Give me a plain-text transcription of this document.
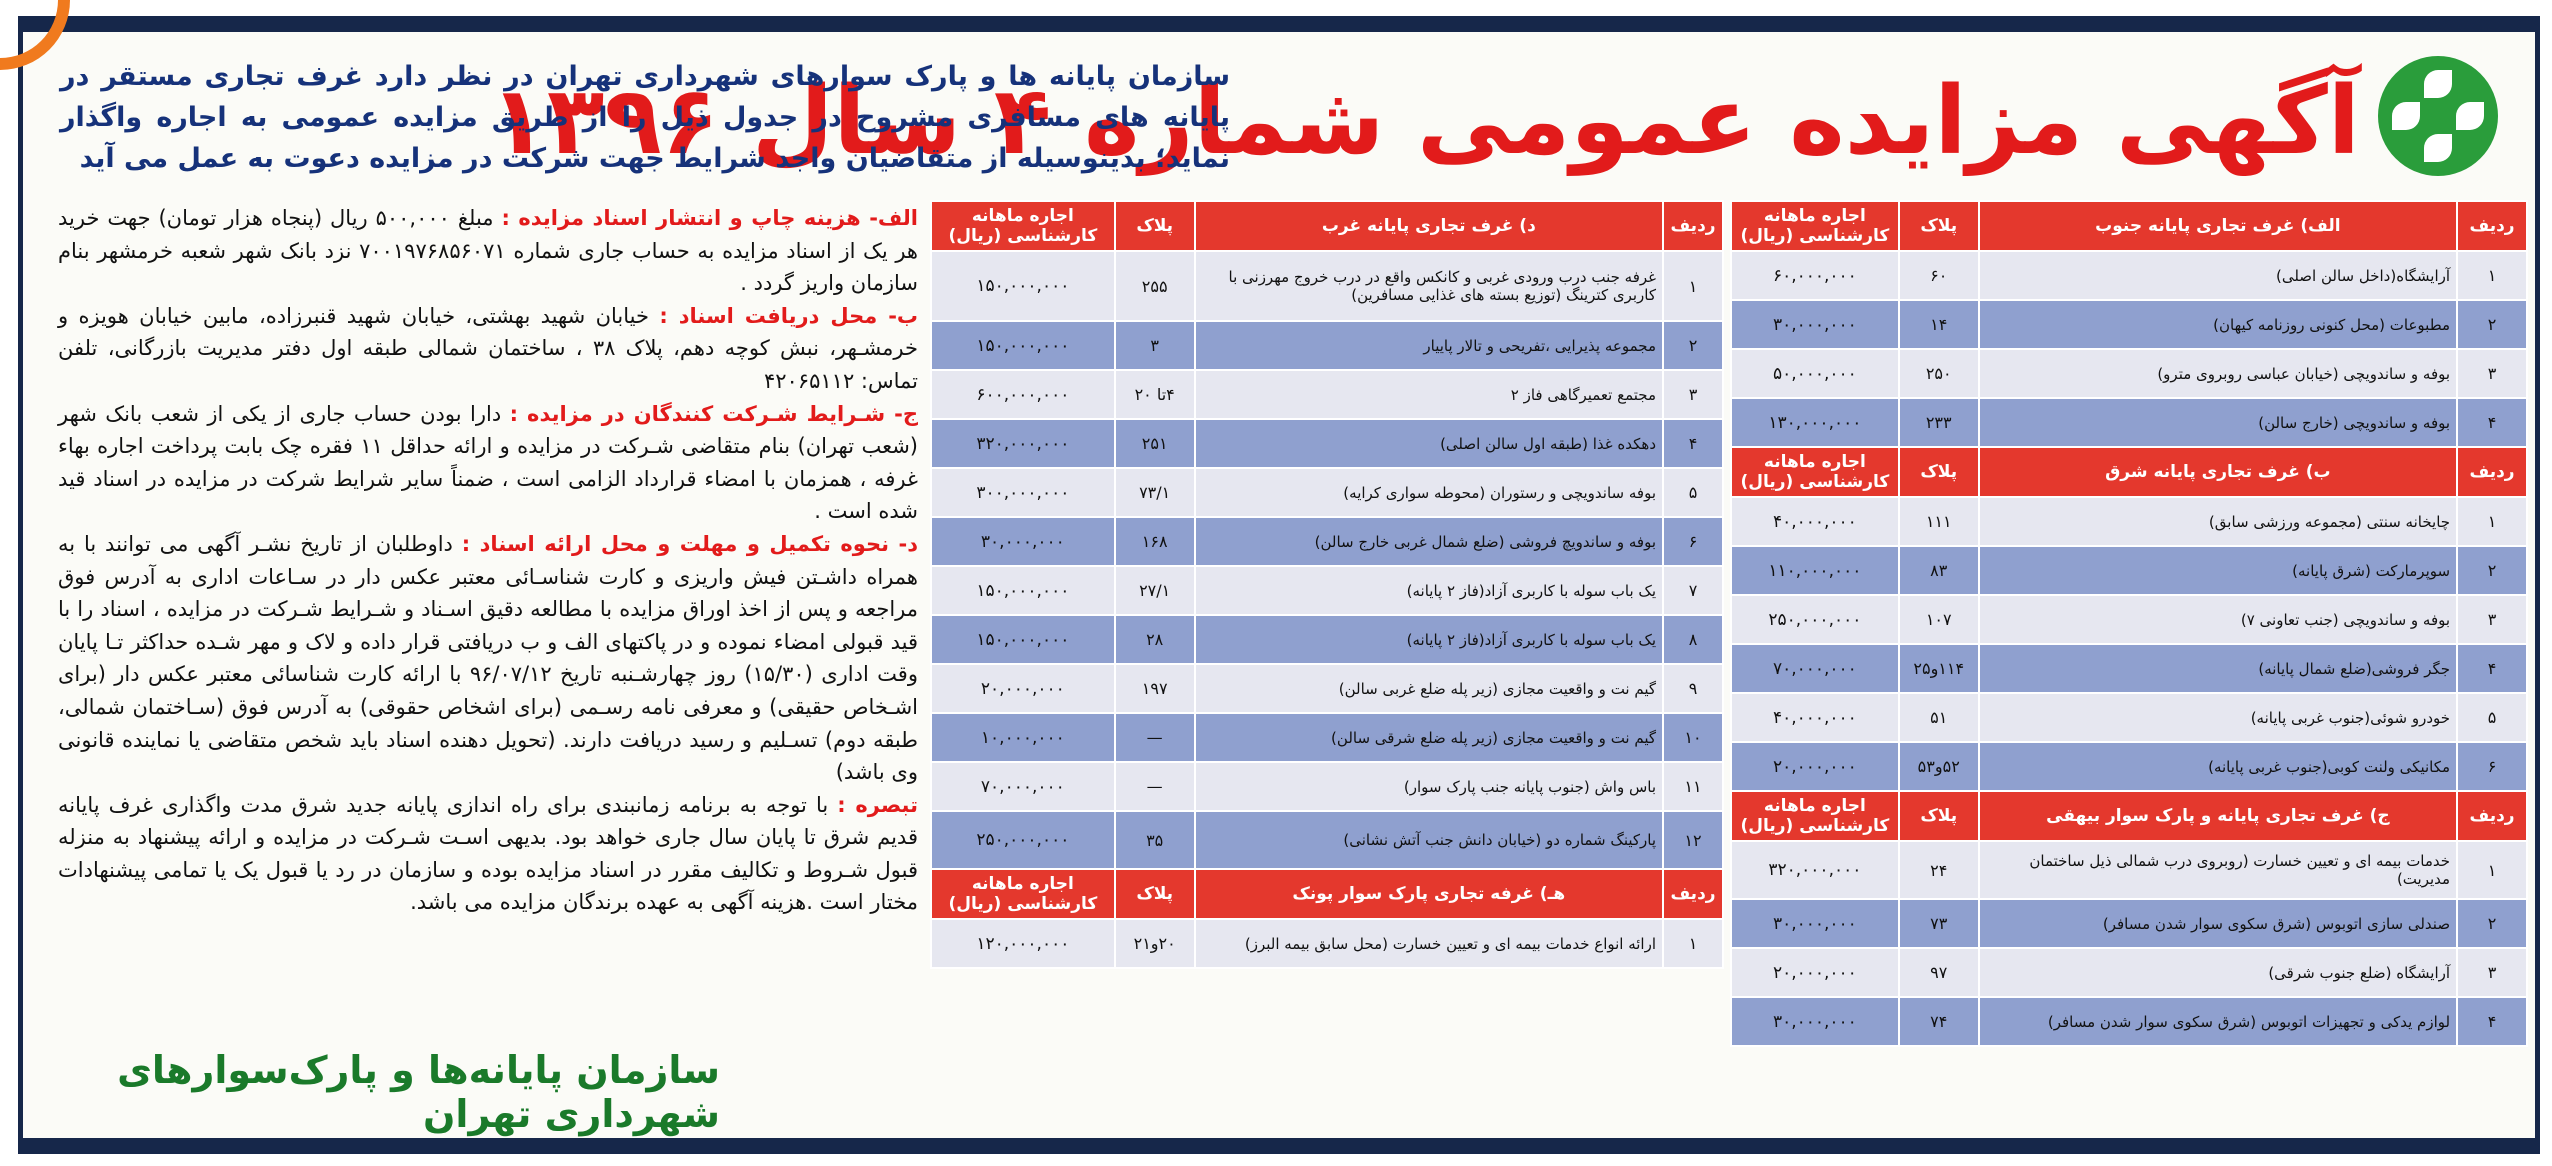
آگهی مزایده عمومی شماره ۴ سال ۱۳۹۶
سازمان پایانه ها و پارک سوارهای شهرداری تهران در نظر دارد غرف تجاری مستقر در پایانه های مسافری مشروح در جدول ذیل را از طریق مزایده عمومی به اجاره واگذار نماید؛ بدینوسیله از متقاضیان واجد شرایط جهت شرکت در مزایده دعوت به عمل می آید
ردیف	الف) غرف تجاری پایانه جنوب	پلاک	اجاره ماهانه کارشناسی (ریال)
۱	آرایشگاه(داخل سالن اصلی)	۶۰	۶۰,۰۰۰,۰۰۰
۲	مطبوعات (محل کنونی روزنامه کیهان)	۱۴	۳۰,۰۰۰,۰۰۰
۳	بوفه و ساندویچی (خیابان عباسی روبروی مترو)	۲۵۰	۵۰,۰۰۰,۰۰۰
۴	بوفه و ساندویچی (خارج سالن)	۲۳۳	۱۳۰,۰۰۰,۰۰۰
ردیف	ب) غرف تجاری پایانه شرق	پلاک	اجاره ماهانه کارشناسی (ریال)
۱	چایخانه سنتی (مجموعه ورزشی سابق)	۱۱۱	۴۰,۰۰۰,۰۰۰
۲	سوپرمارکت (شرق پایانه)	۸۳	۱۱۰,۰۰۰,۰۰۰
۳	بوفه و ساندویچی (جنب تعاونی ۷)	۱۰۷	۲۵۰,۰۰۰,۰۰۰
۴	جگر فروشی(ضلع شمال پایانه)	۱۱۴و۲۵	۷۰,۰۰۰,۰۰۰
۵	خودرو شوئی(جنوب غربی پایانه)	۵۱	۴۰,۰۰۰,۰۰۰
۶	مکانیکی ولنت کوبی(جنوب غربی پایانه)	۵۲و۵۳	۲۰,۰۰۰,۰۰۰
ردیف	ج) غرف تجاری پایانه و پارک سوار بیهقی	پلاک	اجاره ماهانه کارشناسی (ریال)
۱	خدمات بیمه ای و تعیین خسارت (روبروی درب شمالی ذیل ساختمان مدیریت)	۲۴	۳۲۰,۰۰۰,۰۰۰
۲	صندلی سازی اتوبوس (شرق سکوی سوار شدن مسافر)	۷۳	۳۰,۰۰۰,۰۰۰
۳	آرایشگاه (ضلع جنوب شرقی)	۹۷	۲۰,۰۰۰,۰۰۰
۴	لوازم یدکی و تجهیزات اتوبوس (شرق سکوی سوار شدن مسافر)	۷۴	۳۰,۰۰۰,۰۰۰
ردیف	د) غرف تجاری پایانه غرب	پلاک	اجاره ماهانه کارشناسی (ریال)
۱	غرفه جنب درب ورودی غربی و کانکس واقع در درب خروج مهرزنی با کاربری کترینگ (توزیع بسته های غذایی مسافرین)	۲۵۵	۱۵۰,۰۰۰,۰۰۰
۲	مجموعه پذیرایی ،تفریحی و تالار پاییار	۳	۱۵۰,۰۰۰,۰۰۰
۳	مجتمع تعمیرگاهی فاز ۲	۴تا ۲۰	۶۰۰,۰۰۰,۰۰۰
۴	دهکده غذا (طبقه اول سالن اصلی)	۲۵۱	۳۲۰,۰۰۰,۰۰۰
۵	بوفه ساندویچی و رستوران (محوطه سواری کرایه)	۷۳/۱	۳۰۰,۰۰۰,۰۰۰
۶	بوفه و ساندویچ فروشی (ضلع شمال غربی خارج سالن)	۱۶۸	۳۰,۰۰۰,۰۰۰
۷	یک باب سوله با کاربری آزاد(فاز ۲ پایانه)	۲۷/۱	۱۵۰,۰۰۰,۰۰۰
۸	یک باب سوله با کاربری آزاد(فاز ۲ پایانه)	۲۸	۱۵۰,۰۰۰,۰۰۰
۹	گیم نت و واقعیت مجازی (زیر پله ضلع غربی سالن)	۱۹۷	۲۰,۰۰۰,۰۰۰
۱۰	گیم نت و واقعیت مجازی (زیر پله ضلع شرقی سالن)	—	۱۰,۰۰۰,۰۰۰
۱۱	باس واش (جنوب پایانه جنب پارک سوار)	—	۷۰,۰۰۰,۰۰۰
۱۲	پارکینگ شماره دو (خیابان دانش جنب آتش نشانی)	۳۵	۲۵۰,۰۰۰,۰۰۰
ردیف	هـ) غرفه تجاری پارک سوار پونک	پلاک	اجاره ماهانه کارشناسی (ریال)
۱	ارائه انواع خدمات بیمه ای و تعیین خسارت (محل سابق بیمه البرز)	۲۰و۲۱	۱۲۰,۰۰۰,۰۰۰
الف- هزینه چاپ و انتشار اسناد مزایده : مبلغ ۵۰۰,۰۰۰ ریال (پنجاه هزار تومان) جهت خرید هر یک از اسناد مزایده به حساب جاری شماره ۷۰۰۱۹۷۶۸۵۶۰۷۱ نزد بانک شهر شعبه خرمشهر بنام سازمان واریز گردد .
ب- محل دریافت اسناد : خیابان شهید بهشتی، خیابان شهید قنبرزاده، مابین خیابان هویزه و خرمشـهر، نبش کوچه دهم، پلاک ۳۸ ، ساختمان شمالی طبقه اول دفتر مدیریت بازرگانی، تلفن تماس: ۴۲۰۶۵۱۱۲
ج- شـرایط شـرکت کنندگان در مزایده : دارا بودن حساب جاری از یکی از شعب بانک شهر (شعب تهران) بنام متقاضی شـرکت در مزایده و ارائه حداقل ۱۱ فقره چک بابت پرداخت اجاره بهاء غرفه ، همزمان با امضاء قرارداد الزامی است ، ضمناً سایر شرایط شرکت در مزایده در اسناد قید شده است .
د- نحوه تکمیل و مهلت و محل ارائه اسناد : داوطلبان از تاریخ نشـر آگهی می توانند با به همراه داشـتن فیش واریزی و کارت شناسـائی معتبر عکس دار در سـاعات اداری به آدرس فوق مراجعه و پس از اخذ اوراق مزایده با مطالعه دقیق اسـناد و شـرایط شـرکت در مزایده ، اسناد را با قید قبولی امضاء نموده و در پاکتهای الف و ب دریافتی قرار داده و لاک و مهر شـده حداکثر تـا پایان وقت اداری (۱۵/۳۰) روز چهارشـنبه تاریخ ۹۶/۰۷/۱۲ با ارائه کارت شناسائی معتبر عکس دار (برای اشـخاص حقیقی) و معرفی نامه رسـمی (برای اشخاص حقوقی) به آدرس فوق (سـاختمان شمالی، طبقه دوم) تسـلیم و رسید دریافت دارند. (تحویل دهنده اسناد باید شخص متقاضی یا نماینده قانونی وی باشد)
تبصره : با توجه به برنامه زمانبندی برای راه اندازی پایانه جدید شرق مدت واگذاری غرف پایانه قدیم شرق تا پایان سال جاری خواهد بود. بدیهی اسـت شـرکت در مزایده و ارائه پیشنهاد به منزله قبول شـروط و تکالیف مقرر در اسناد مزایده بوده و سازمان در رد یا قبول یک یا تمامی پیشنهادات مختار است .هزینه آگهی به عهده برندگان مزایده می باشد.
سازمان پایانه‌ها و پارک‌سوارهای شهرداری تهران
